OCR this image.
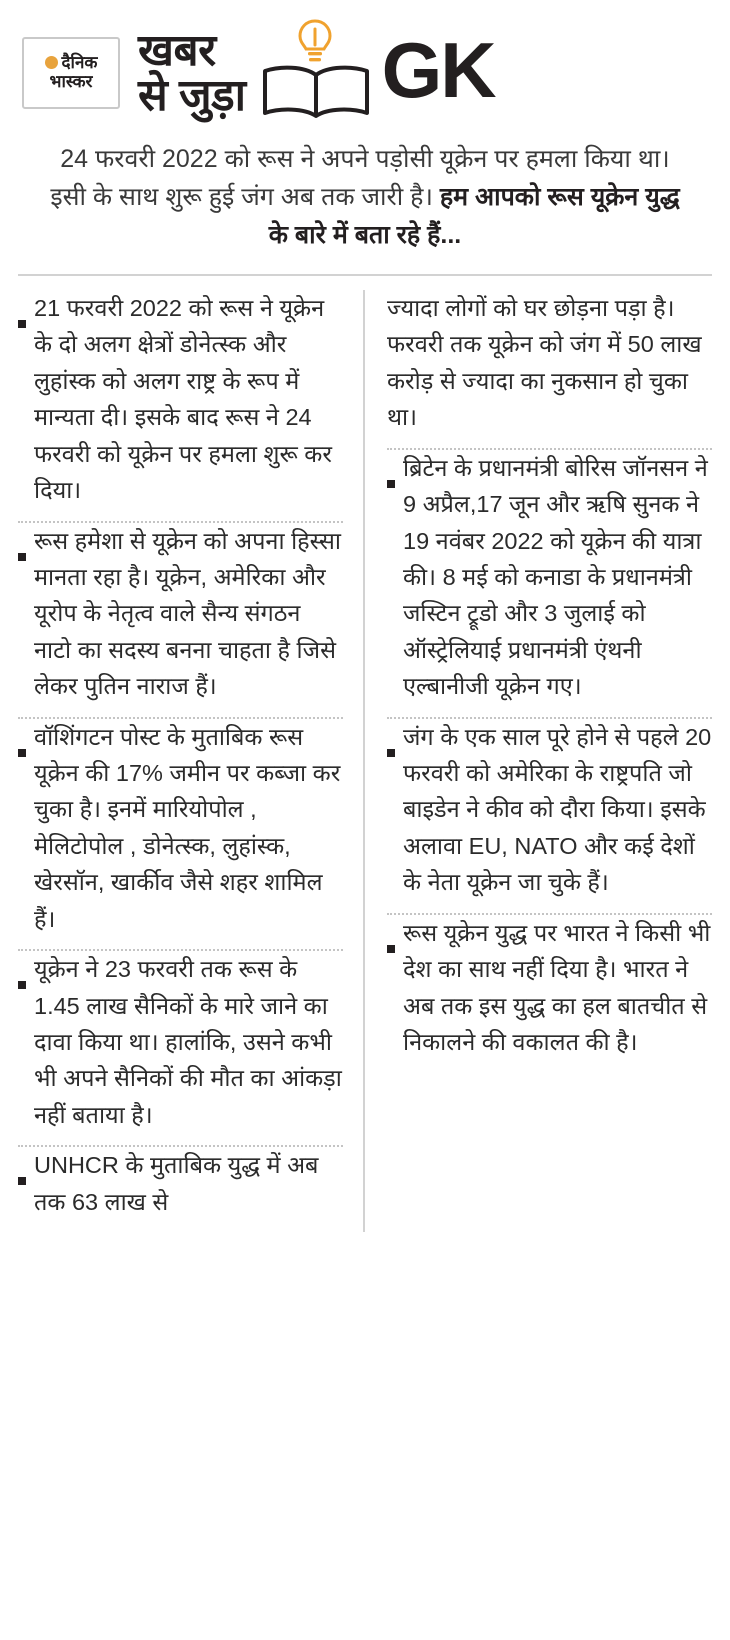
दैनिक
भास्कर
खबर
से जुड़ा GK
24 फरवरी 2022 को रूस ने अपने पड़ोसी यूक्रेन पर हमला किया था। इसी के साथ शुरू हुई जंग अब तक जारी है। हम आपको रूस यूक्रेन युद्ध के बारे में बता रहे हैं...
21 फरवरी 2022 को रूस ने यूक्रेन के दो अलग क्षेत्रों डोनेत्स्क और लुहांस्क को अलग राष्ट्र के रूप में मान्यता दी। इसके बाद रूस ने 24 फरवरी को यूक्रेन पर हमला शुरू कर दिया।
रूस हमेशा से यूक्रेन को अपना हिस्सा मानता रहा है। यूक्रेन, अमेरिका और यूरोप के नेतृत्व वाले सैन्य संगठन नाटो का सदस्य बनना चाहता है जिसे लेकर पुतिन नाराज हैं।
वॉशिंगटन पोस्ट के मुताबिक रूस यूक्रेन की 17% जमीन पर कब्जा कर चुका है। इनमें मारियोपोल , मेलिटोपोल , डोनेत्स्क, लुहांस्क, खेरसॉन, खार्कीव जैसे शहर शामिल हैं।
यूक्रेन ने 23 फरवरी तक रूस के 1.45 लाख सैनिकों के मारे जाने का दावा किया था। हालांकि, उसने कभी भी अपने सैनिकों की मौत का आंकड़ा नहीं बताया है।
UNHCR के मुताबिक युद्ध में अब तक 63 लाख से
ज्यादा लोगों को घर छोड़ना पड़ा है। फरवरी तक यूक्रेन को जंग में 50 लाख करोड़ से ज्यादा का नुकसान हो चुका था।
ब्रिटेन के प्रधानमंत्री बोरिस जॉनसन ने 9 अप्रैल,17 जून और ऋषि सुनक ने 19 नवंबर 2022 को यूक्रेन की यात्रा की। 8 मई को कनाडा के प्रधानमंत्री जस्टिन ट्रूडो और 3 जुलाई को ऑस्ट्रेलियाई प्रधानमंत्री एंथनी एल्बानीजी यूक्रेन गए।
जंग के एक साल पूरे होने से पहले 20 फरवरी को अमेरिका के राष्ट्रपति जो बाइडेन ने कीव को दौरा किया। इसके अलावा EU, NATO और कई देशों के नेता यूक्रेन जा चुके हैं।
रूस यूक्रेन युद्ध पर भारत ने किसी भी देश का साथ नहीं दिया है। भारत ने अब तक इस युद्ध का हल बातचीत से निकालने की वकालत की है।
